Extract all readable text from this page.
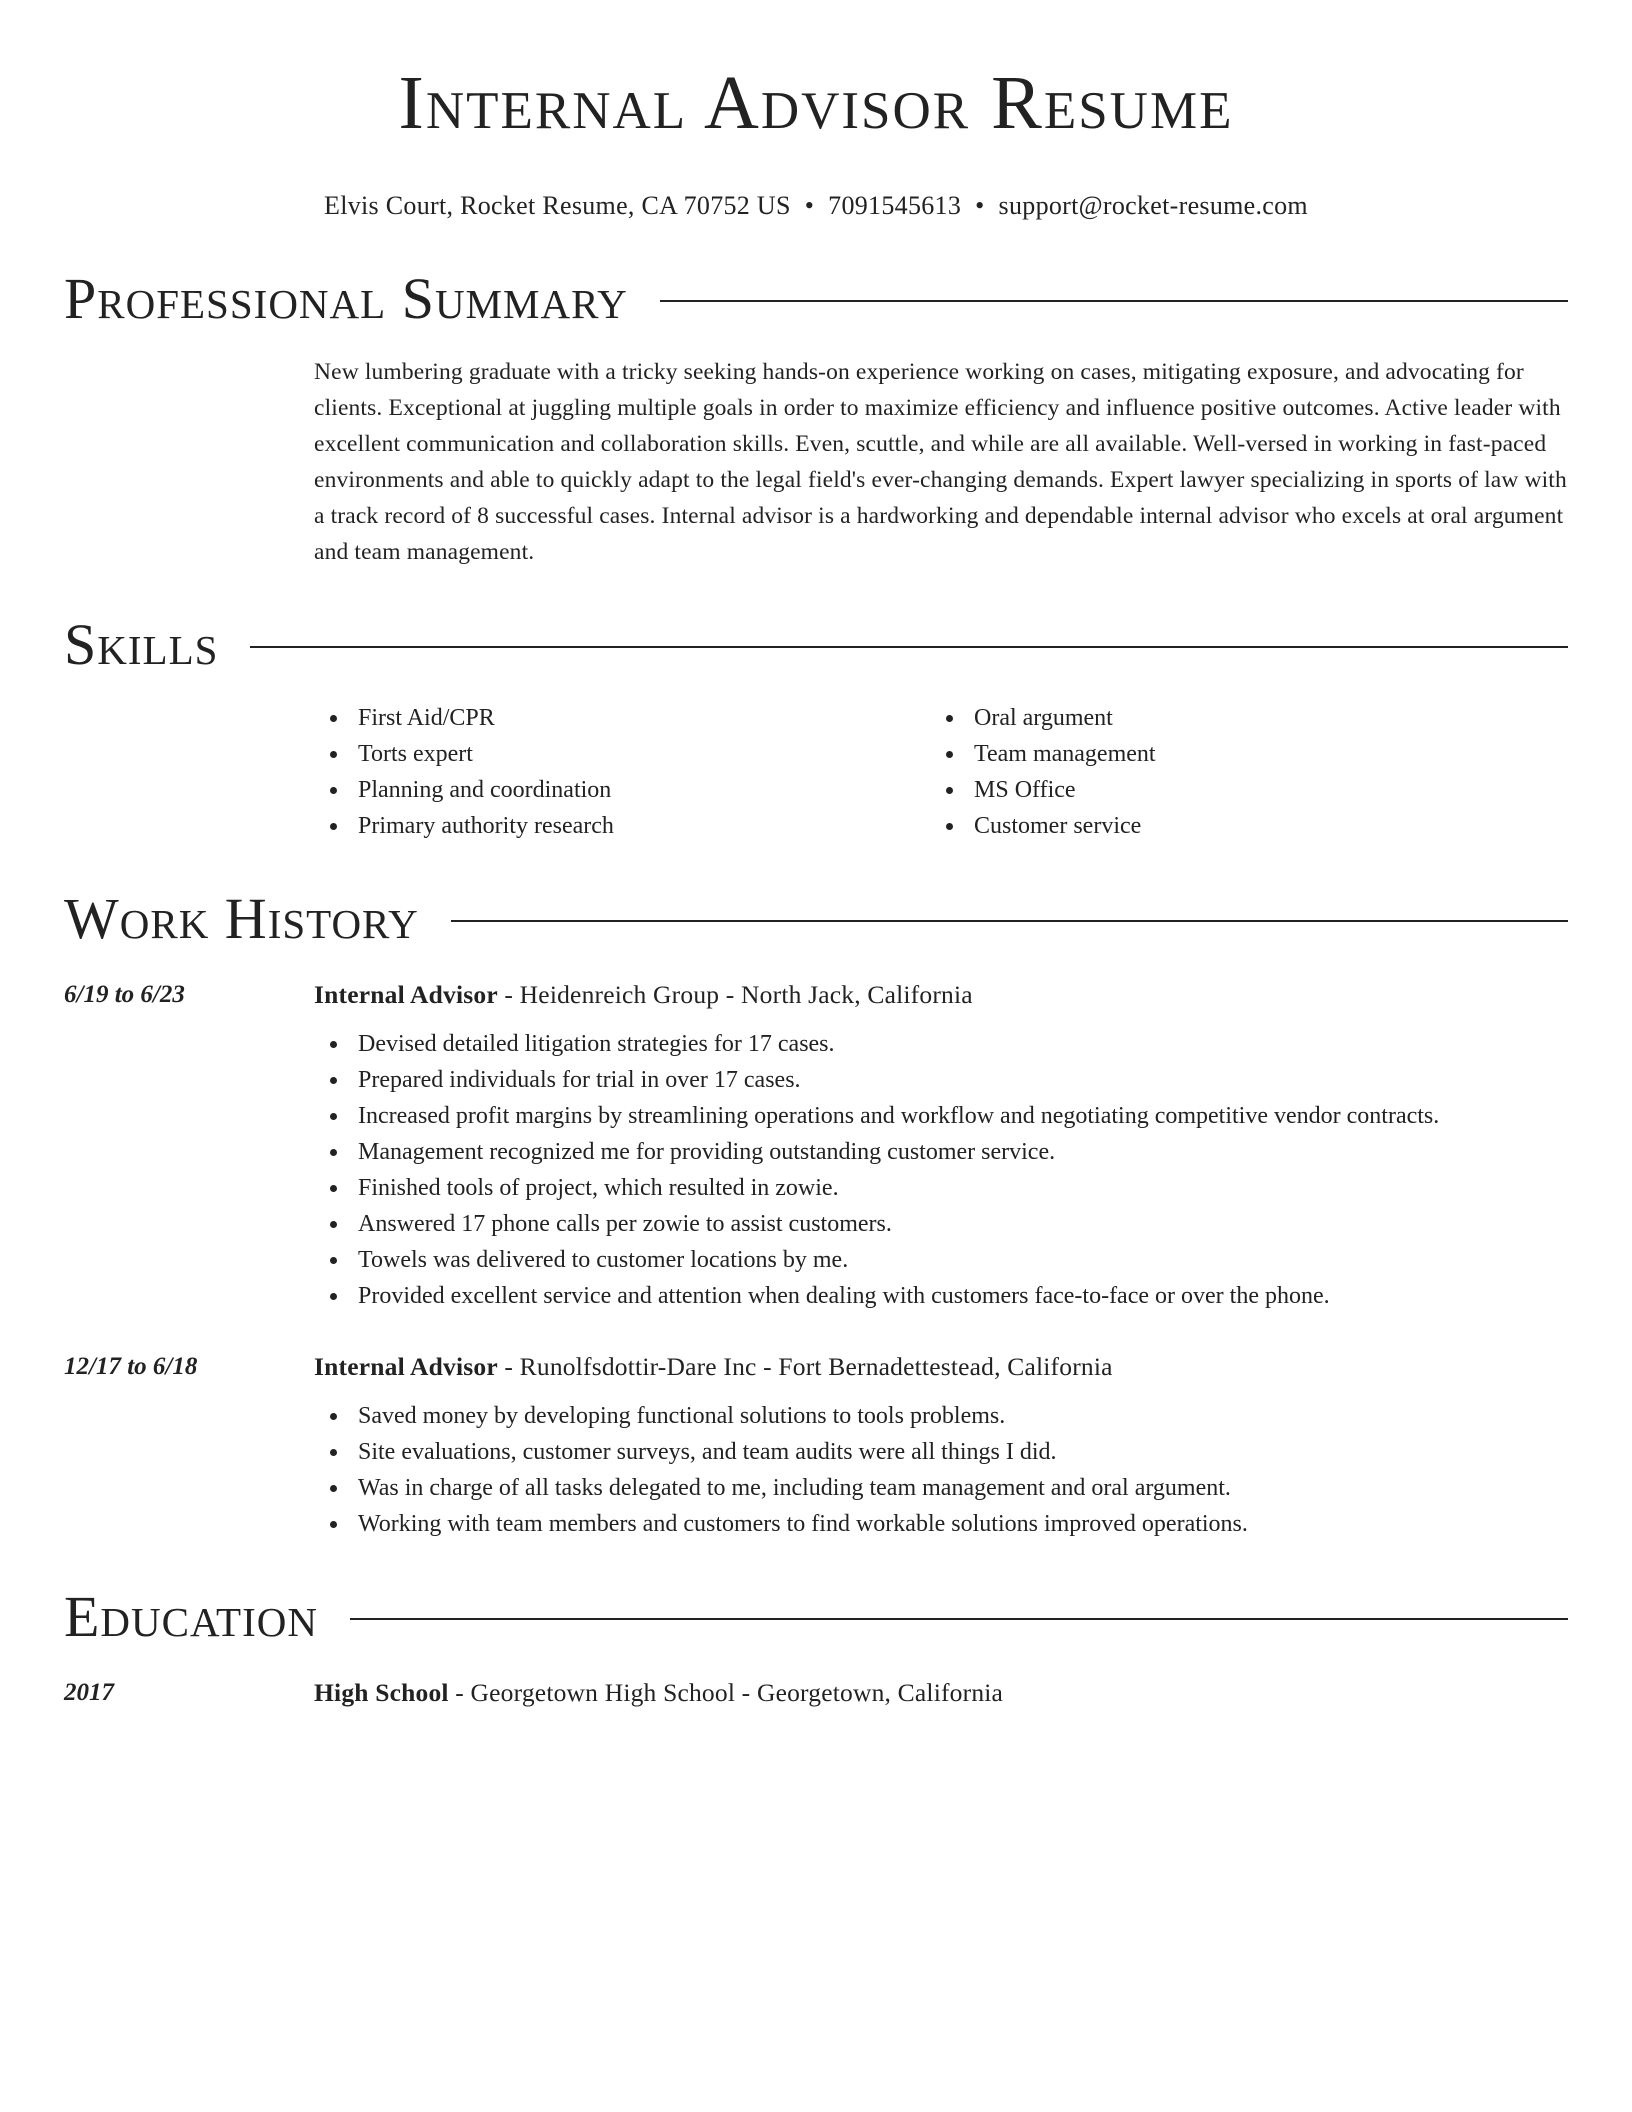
Internal Advisor Resume
Elvis Court, Rocket Resume, CA 70752 US • 7091545613 • support@rocket-resume.com
Professional Summary
New lumbering graduate with a tricky seeking hands-on experience working on cases, mitigating exposure, and advocating for clients. Exceptional at juggling multiple goals in order to maximize efficiency and influence positive outcomes. Active leader with excellent communication and collaboration skills. Even, scuttle, and while are all available. Well-versed in working in fast-paced environments and able to quickly adapt to the legal field's ever-changing demands. Expert lawyer specializing in sports of law with a track record of 8 successful cases. Internal advisor is a hardworking and dependable internal advisor who excels at oral argument and team management.
Skills
First Aid/CPR
Torts expert
Planning and coordination
Primary authority research
Oral argument
Team management
MS Office
Customer service
Work History
6/19 to 6/23	Internal Advisor - Heidenreich Group - North Jack, California
Devised detailed litigation strategies for 17 cases.
Prepared individuals for trial in over 17 cases.
Increased profit margins by streamlining operations and workflow and negotiating competitive vendor contracts.
Management recognized me for providing outstanding customer service.
Finished tools of project, which resulted in zowie.
Answered 17 phone calls per zowie to assist customers.
Towels was delivered to customer locations by me.
Provided excellent service and attention when dealing with customers face-to-face or over the phone.
12/17 to 6/18	Internal Advisor - Runolfsdottir-Dare Inc - Fort Bernadettestead, California
Saved money by developing functional solutions to tools problems.
Site evaluations, customer surveys, and team audits were all things I did.
Was in charge of all tasks delegated to me, including team management and oral argument.
Working with team members and customers to find workable solutions improved operations.
Education
2017	High School - Georgetown High School - Georgetown, California
